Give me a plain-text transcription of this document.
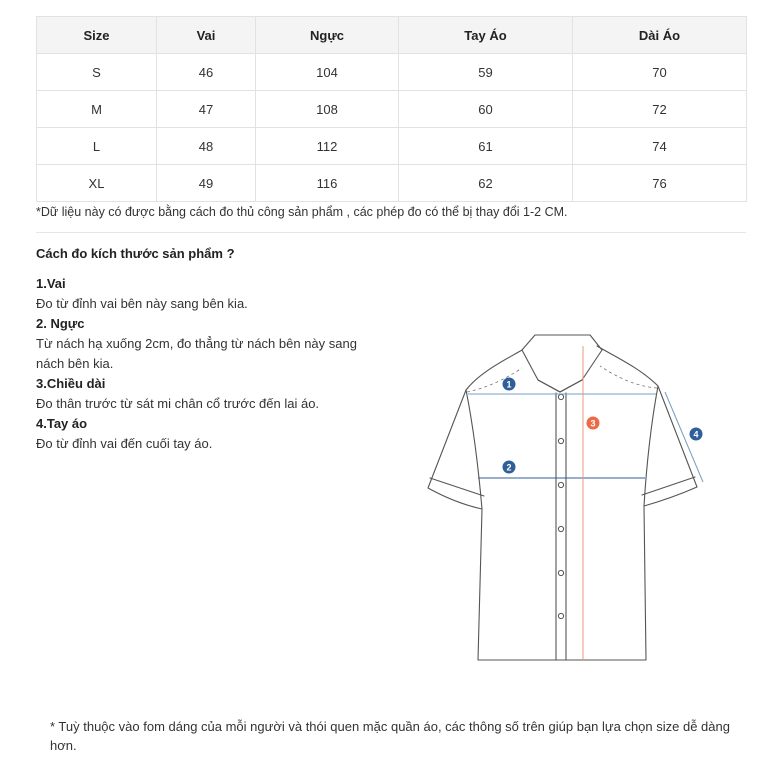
Size	Vai	Ngực	Tay Áo	Dài Áo
S	46	104	59	70
M	47	108	60	72
L	48	112	61	74
XL	49	116	62	76
*Dữ liệu này có được bằng cách đo thủ công sản phẩm , các phép đo có thể bị thay đổi 1-2 CM.
Cách đo kích thước sản phẩm ?
1.Vai
Đo từ đỉnh vai bên này sang bên kia.
2. Ngực
Từ nách hạ xuống 2cm, đo thẳng từ nách bên này sang nách bên kia.
3.Chiều dài
Đo thân trước từ sát mi chân cổ trước đến lai áo.
4.Tay áo
Đo từ đỉnh vai đến cuối tay áo.
1
2
3
4
* Tuỳ thuộc vào fom dáng của mỗi người và thói quen mặc quần áo, các thông số trên giúp bạn lựa chọn size dễ dàng hơn.
